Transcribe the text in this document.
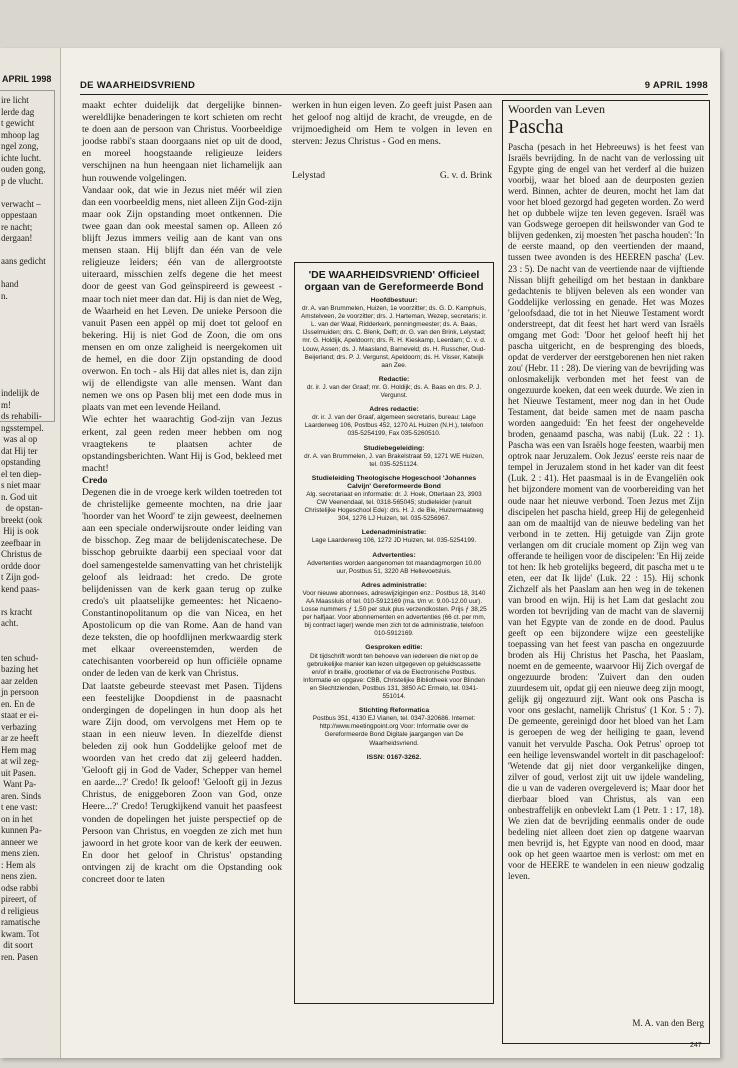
APRIL 1998
ire licht
lerde dag
t gewicht
mhoop lag
ngel zong,
ichte lucht.
ouden gong,
p de vlucht.

verwacht –
oppestaan
re nacht;
dergaan!

aans gedicht

hand
n.
indelijk de
m!
ds rehabili-
ngsstempel.
was al op
dat Hij ter
opstanding
el ten diep-
s niet maar
n. God uit
de opstan-
breekt (ook
Hij is ook
zeefbaar in
Christus de
ordde door
t Zijn god-
kend paas-

rs kracht
acht.

ten schud-
bazing het
aar zelden
jn persoon
en. En de
staat er ei-
verbazing
ar ze heeft
Hem mag
at wil zeg-
uit Pasen.
Want Pa-
aren. Sinds
t ene vast:
on in het
kunnen Pa-
anneer we
mens zien.
: Hem als
nens zien.
odse rabbi
pireert, of
d religieus
ramatische
kwam. Tot
dit soort
ren. Pasen
DE WAARHEIDSVRIEND	9 APRIL 1998

maakt echter duidelijk dat dergelijke binnen-wereldlijke benaderingen te kort schieten om recht te doen aan de persoon van Christus. Voorbeeldige joodse rabbi's staan doorgaans niet op uit de dood, en moreel hoogstaande religieuze leiders verschijnen na hun heengaan niet lichamelijk aan hun rouwende volgelingen.

Vandaar ook, dat wie in Jezus niet méér wil zien dan een voorbeeldig mens, niet alleen Zijn God-zijn maar ook Zijn opstanding moet ontkennen. Die twee gaan dan ook meestal samen op. Alleen zó blijft Jezus immers veilig aan de kant van ons mensen staan. Hij blijft dan één van de vele religieuze leiders; één van de allergrootste uiteraard, misschien zelfs degene die het meest door de geest van God geïnspireerd is geweest - maar toch niet meer dan dat. Hij is dan niet de Weg, de Waarheid en het Leven. De unieke Persoon die vanuit Pasen een appèl op mij doet tot geloof en bekering. Hij is niet God de Zoon, die om ons mensen en om onze zaligheid is neergekomen uit de hemel, en die door Zijn opstanding de dood overwon. En toch - als Hij dat alles niet is, dan zijn wij de ellendigste van alle mensen. Want dan nemen we ons op Pasen blij met een dode mus in plaats van met een levende Heiland.

Wie echter het waarachtig God-zijn van Jezus erkent, zal geen reden meer hebben om nog vraagtekens te plaatsen achter de opstandingsberichten. Want Hij is God, bekleed met macht!

Credo

Degenen die in de vroege kerk wilden toetreden tot de christelijke gemeente mochten, na drie jaar 'hoorder van het Woord' te zijn geweest, deelnemen aan een speciale onderwijsroute onder leiding van de bisschop. Zeg maar de belijdeniscatechese. De bisschop gebruikte daarbij een speciaal voor dat doel samengestelde samenvatting van het christelijk geloof als leidraad: het credo. De grote belijdenissen van de kerk gaan terug op zulke credo's uit plaatselijke gemeentes: het Nicaeno-Constantinopolitanum op die van Nicea, en het Apostolicum op die van Rome. Aan de hand van deze teksten, die op hoofdlijnen merkwaardig sterk met elkaar overeenstemden, werden de catechisanten voorbereid op hun officiële opname onder de leden van de kerk van Christus.

Dat laatste gebeurde steevast met Pasen. Tijdens een feestelijke Doopdienst in de paasnacht ondergingen de dopelingen in hun doop als het ware Zijn dood, om vervolgens met Hem op te staan in een nieuw leven. In diezelfde dienst beleden zij ook hun Goddelijke geloof met de woorden van het credo dat zij geleerd hadden. 'Gelooft gij in God de Vader, Schepper van hemel en aarde...?' Credo! Ik geloof! 'Gelooft gij in Jezus Christus, de eniggeboren Zoon van God, onze Heere...?' Credo! Terugkijkend vanuit het paasfeest vonden de dopelingen het juiste perspectief op de Persoon van Christus, en voegden ze zich met hun jawoord in het grote koor van de kerk der eeuwen. En door het geloof in Christus' opstanding ontvingen zij de kracht om die Opstanding ook concreet door te laten

werken in hun eigen leven. Zo geeft juist Pasen aan het geloof nog altijd de kracht, de vreugde, en de vrijmoedigheid om Hem te volgen in leven en sterven: Jezus Christus - God en mens.

Lelystad	G. v. d. Brink
'DE WAARHEIDSVRIEND' Officieel orgaan van de Gereformeerde Bond
Hoofdbestuur:
dr. A. van Brummelen, Huizen, 1e voorzitter; ds. G. D. Kamphuis, Amstelveen, 2e voorzitter; drs. J. Harteman, Wezep, secretaris; ir. L. van der Waal, Ridderkerk, penningmeester; ds. A. Baas, IJsselmuiden; drs. C. Blenk, Delft; dr. G. van den Brink, Lelystad; mr. G. Holdijk, Apeldoorn; drs. R. H. Kieskamp, Leerdam; C. v. d. Louw, Assen; ds. J. Maasland, Barneveld; ds. H. Russcher, Oud-Beijerland; drs. P. J. Vergunst, Apeldoorn; ds. H. Visser, Katwijk aan Zee.
Redactie:
dr. ir. J. van der Graaf; mr. G. Holdijk; ds. A. Baas en drs. P. J. Vergunst.
Adres redactie:
dr. ir. J. van der Graaf, algemeen secretaris, bureau: Lage Laarderweg 106, Postbus 452, 1270 AL Huizen (N.H.), telefoon 035-5254199, Fax 035-5260510.
Studiebegeleiding:
dr. A. van Brummelen, J. van Brakelstraat 59, 1271 WE Huizen, tel. 035-5251124.
Studieleiding Theologische Hogeschool 'Johannes Calvijn' Gereformeerde Bond
Alg. secretariaat en informatie: dr. J. Hoek, Otterlaan 23, 3903 CW Veenendaal, tel. 0318-565045; studieleider (vanuit Christelijke Hogeschool Ede): drs. H. J. de Bie, Huizermaatweg 304, 1276 LJ Huizen, tel. 035-5256967.
Ledenadministratie:
Lage Laarderweg 106, 1272 JD Huizen, tel. 035-5254199.
Advertenties:
Advertenties worden aangenomen tot maandagmorgen 10.00 uur, Postbus 51, 3220 AB Hellevoetsluis.
Adres administratie:
Voor nieuwe abonnees, adreswijzigingen enz.: Postbus 18, 3140 AA Maassluis of tel. 010-5912169 (ma. t/m vr. 9.00-12.00 uur). Losse nummers ƒ 1,50 per stuk plus verzendkosten. Prijs ƒ 38,25 per halfjaar. Voor abonnementen en advertenties (66 ct. per mm, bij contract lager) wende men zich tot de administratie, telefoon 010-5912169.
Gesproken editie:
Dit tijdschrift wordt ten behoeve van iedereen die niet op de gebruikelijke manier kan lezen uitgegeven op geluidscassette en/of in braille, grootletter of via de Electronische Postbus. Informatie en opgave: CBB, Christelijke Bibliotheek voor Blinden en Slechtzienden, Postbus 131, 3850 AC Ermelo, tel. 0341-551014.
Stichting Reformatica
Postbus 351, 4130 EJ Vianen, tel. 0347-320686. Internet: http://www.meetingpoint.org Voor: Informatie over de Gereformeerde Bond Digitale jaargangen van De Waarheidsvriend.
ISSN: 0167-3262.
Woorden van Leven
Pascha
Pascha (pesach in het Hebreeuws) is het feest van Israëls bevrijding. In de nacht van de verlossing uit Egypte ging de engel van het verderf al die huizen voorbij, waar het bloed aan de deurposten gezien werd. Binnen, achter de deuren, mocht het lam dat voor het bloed gezorgd had gegeten worden. Zo werd het op dubbele wijze ten leven gegeven. Israël was van Godswege geroepen dit heilswonder van God te blijven gedenken, zij moesten 'het pascha houden': 'In de eerste maand, op den veertienden der maand, tussen twee avonden is des HEEREN pascha' (Lev. 23 : 5). De nacht van de veertiende naar de vijftiende Nissan blijft geheiligd om het bestaan in dankbare gedachtenis te blijven beleven als een wonder van Goddelijke verlossing en genade. Het was Mozes 'geloofsdaad, die tot in het Nieuwe Testament wordt onderstreept, dat dit feest het hart werd van Israëls omgang met God: 'Door het geloof heeft hij het pascha uitgericht, en de besprenging des bloeds, opdat de verderver der eerstgeborenen hen niet raken zou' (Hebr. 11 : 28). De viering van de bevrijding was onlosmakelijk verbonden met het feest van de ongezuurde koeken, dat een week duurde. We zien in het Nieuwe Testament, meer nog dan in het Oude Testament, dat beide samen met de naam pascha worden aangeduid: 'En het feest der ongehevelde broden, genaamd pascha, was nabij (Luk. 22 : 1). Pascha was een van Israëls hoge feesten, waarbij men optrok naar Jeruzalem. Ook Jezus' eerste reis naar de tempel in Jeruzalem stond in het kader van dit feest (Luk. 2 : 41). Het paasmaal is in de Evangeliën ook het bijzondere moment van de voorbereiding van het oude naar het nieuwe verbond. Toen Jezus met Zijn discipelen het pascha hield, greep Hij de gelegenheid aan om de maaltijd van de nieuwe bedeling van het verbond in te zetten. Hij getuigde van Zijn grote verlangen om dit cruciale moment op Zijn weg van offerande te heiligen voor de discipelen: 'En Hij zeide tot hen: Ik heb grotelijks begeerd, dit pascha met u te eten, eer dat Ik lijde' (Luk. 22 : 15). Hij schonk Zichzelf als het Paaslam aan hen weg in de tekenen van brood en wijn. Hij is het Lam dat geslacht zou worden tot bevrijding van de macht van de slavernij van het Egypte van de zonde en de dood. Paulus geeft op een bijzondere wijze een geestelijke toepassing van het feest van pascha en ongezuurde broden als Hij Christus het Pascha, het Paaslam, noemt en de gemeente, waarvoor Hij Zich overgaf de ongezuurde broden: 'Zuivert dan den ouden zuurdesem uit, opdat gij een nieuwe deeg zijn moogt, gelijk gij ongezuurd zijt. Want ook ons Pascha is voor ons geslacht, namelijk Christus' (1 Kor. 5 : 7). De gemeente, gereinigd door het bloed van het Lam is geroepen de weg der heiliging te gaan, levend vanuit het vervulde Pascha. Ook Petrus' oproep tot een heilige levenswandel wortelt in dit paschageloof: 'Wetende dat gij niet door vergankelijke dingen, zilver of goud, verlost zijt uit uw ijdele wandeling, die u van de vaderen overgeleverd is; Maar door het dierbaar bloed van Christus, als van een onbestraffelijk en onbevlekt Lam (1 Petr. 1 : 17, 18). We zien dat de bevrijding eenmalis onder de oude bedeling niet alleen doet zien op datgene waarvan men bevrijd is, het Egypte van nood en dood, maar ook op het geen waartoe men is verlost: om met en voor de HEERE te wandelen in een nieuw godzalig leven.
M. A. van den Berg
247
